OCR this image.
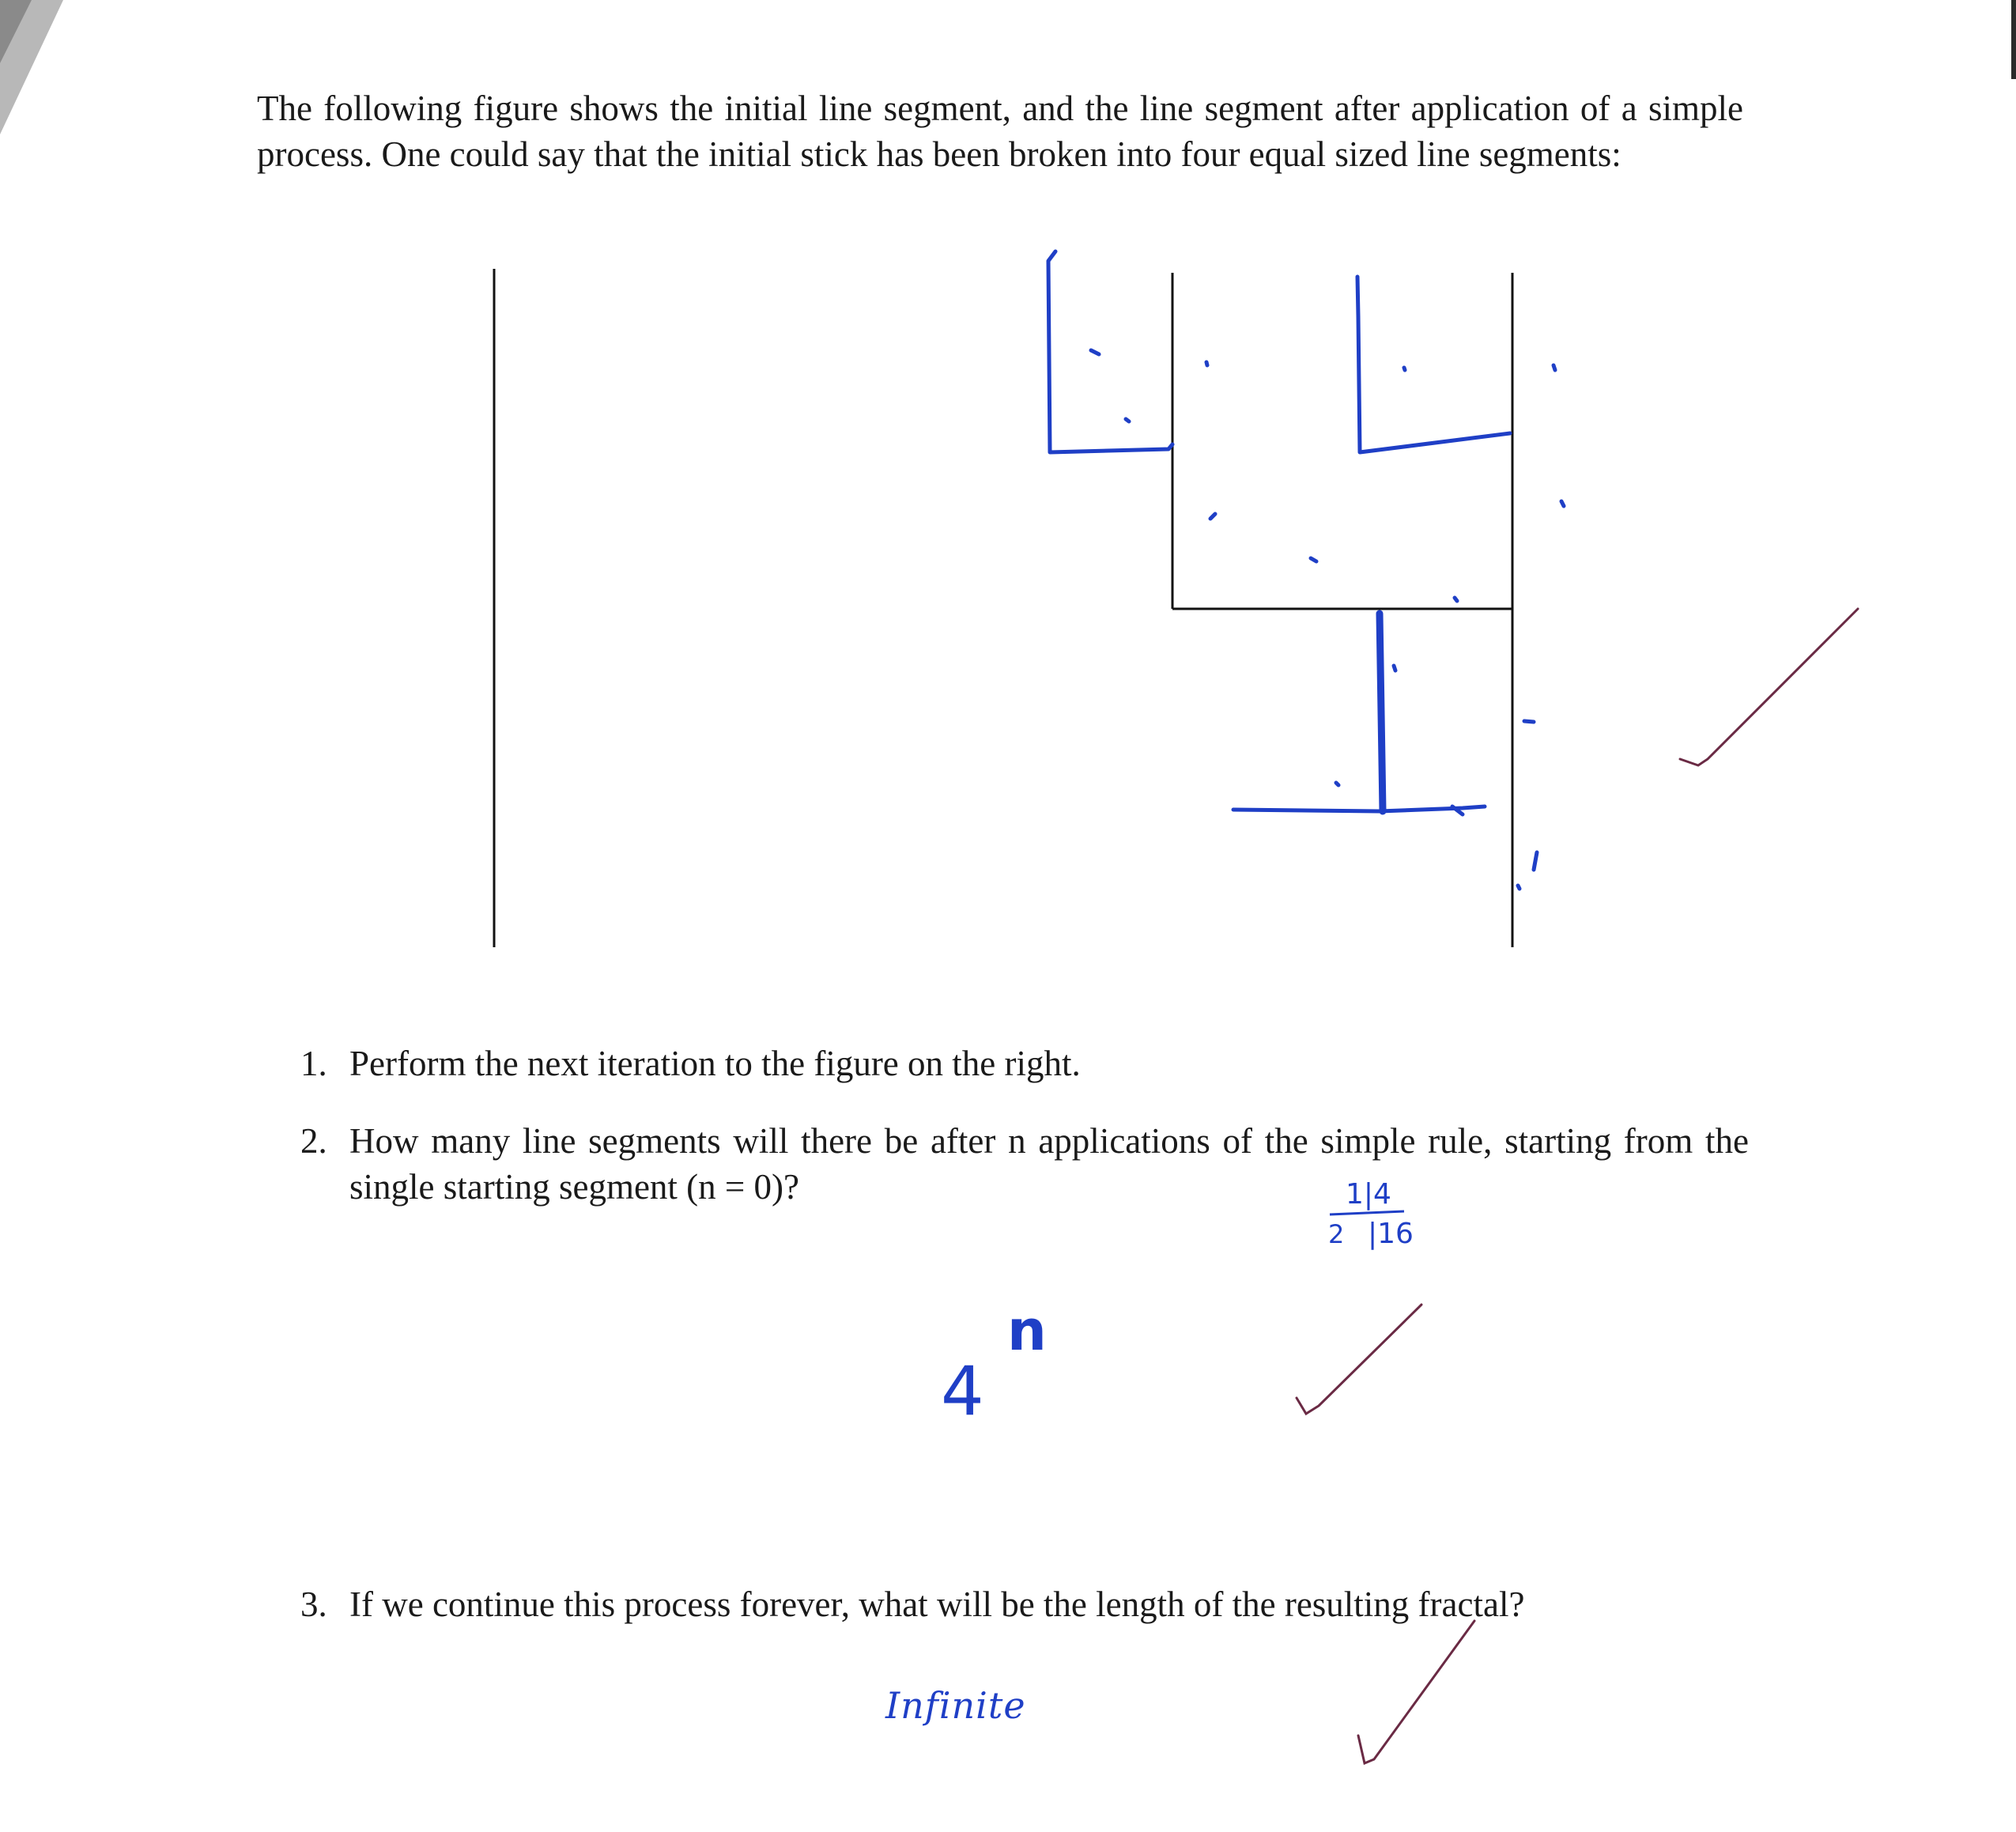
The following figure shows the initial line segment, and the line segment after application of a simple process. One could say that the initial stick has been broken into four equal sized line segments:

1. Perform the next iteration to the figure on the right.

2. How many line segments will there be after n applications of the simple rule, starting from the single starting segment (n = 0)?

3. If we continue this process forever, what will be the length of the resulting fractal?

1|4
2 |16
4
n
Infinite
